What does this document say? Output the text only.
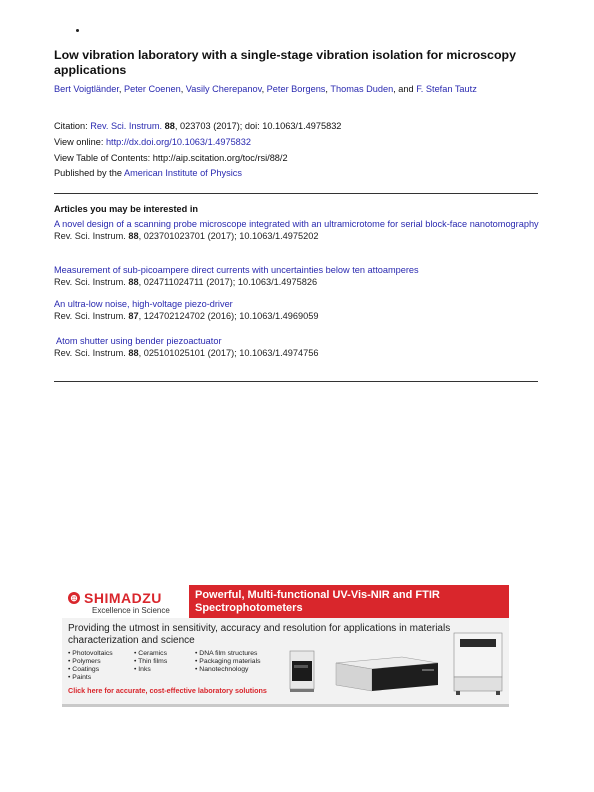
Low vibration laboratory with a single-stage vibration isolation for microscopy applications
Bert Voigtländer, Peter Coenen, Vasily Cherepanov, Peter Borgens, Thomas Duden, and F. Stefan Tautz
Citation: Rev. Sci. Instrum. 88, 023703 (2017); doi: 10.1063/1.4975832
View online: http://dx.doi.org/10.1063/1.4975832
View Table of Contents: http://aip.scitation.org/toc/rsi/88/2
Published by the American Institute of Physics
Articles you may be interested in
A novel design of a scanning probe microscope integrated with an ultramicrotome for serial block-face nanotomography
Rev. Sci. Instrum. 88, 023701023701 (2017); 10.1063/1.4975202
Measurement of sub-picoampere direct currents with uncertainties below ten attoamperes
Rev. Sci. Instrum. 88, 024711024711 (2017); 10.1063/1.4975826
An ultra-low noise, high-voltage piezo-driver
Rev. Sci. Instrum. 87, 124702124702 (2016); 10.1063/1.4969059
Atom shutter using bender piezoactuator
Rev. Sci. Instrum. 88, 025101025101 (2017); 10.1063/1.4974756
⊕ SHIMADZU
Excellence in Science
Powerful, Multi-functional UV-Vis-NIR and FTIR Spectrophotometers
Providing the utmost in sensitivity, accuracy and resolution for applications in materials characterization and science
• Photovoltaics
• Polymers
• Coatings
• Paints
• Ceramics
• Thin films
• Inks
• DNA film structures
• Packaging materials
• Nanotechnology
Click here for accurate, cost-effective laboratory solutions
